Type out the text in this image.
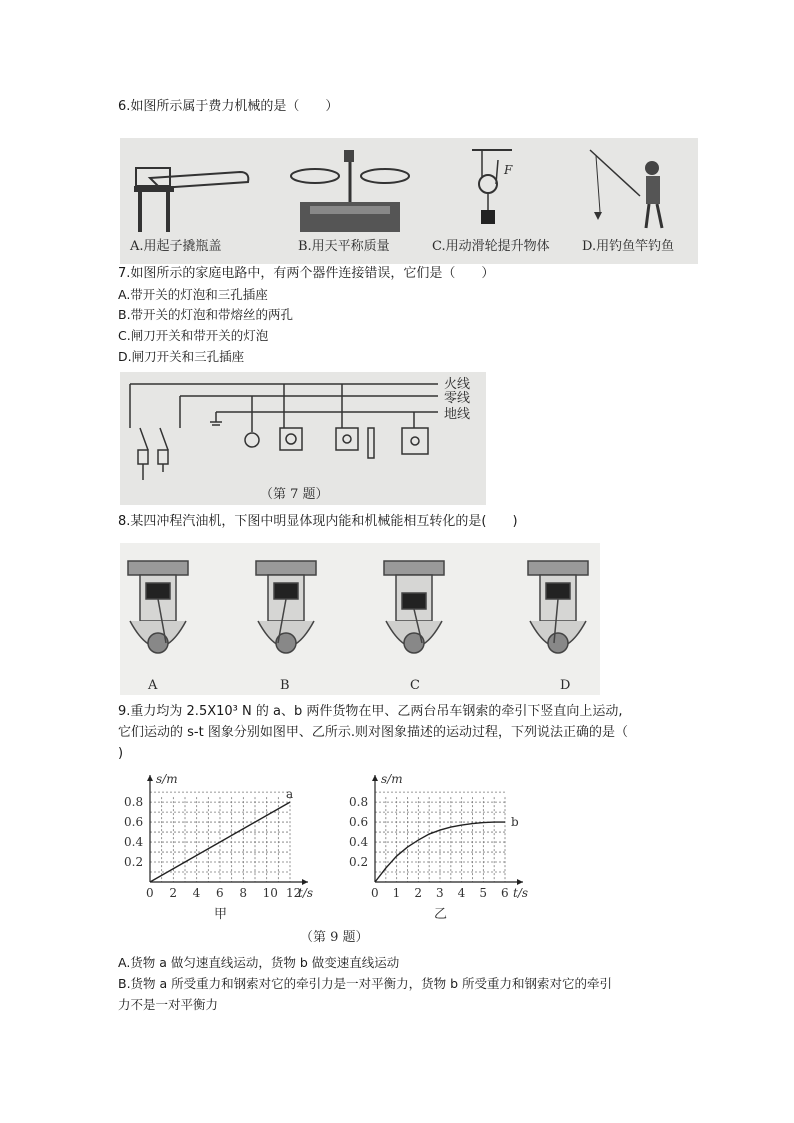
6.如图所示属于费力机械的是（　　）
F
A.用起子撬瓶盖	B.用天平称质量	C.用动滑轮提升物体 D.用钓鱼竿钓鱼
7.如图所示的家庭电路中，有两个器件连接错误，它们是（　　）
A.带开关的灯泡和三孔插座
B.带开关的灯泡和带熔丝的两孔
C.闸刀开关和带开关的灯泡
D.闸刀开关和三孔插座
火线
零线
地线
（第 7 题）
8.某四冲程汽油机，下图中明显体现内能和机械能相互转化的是(　　)
A	B	C	D
9.重力均为 2.5X10³ N 的 a、b 两件货物在甲、乙两台吊车钢索的牵引下竖直向上运动,
它们运动的 s-t 图象分别如图甲、乙所示.则对图象描述的运动过程，下列说法正确的是（
)
（第 9 题）
0 2 4 6 8 10 12
0.2
0.4
0.6
0.8
s/m
t/s
甲
a
0 1 2 3 4 5 6
0.2
0.4
0.6
0.8
s/m
t/s
乙
b
A.货物 a 做匀速直线运动，货物 b 做变速直线运动
B.货物 a 所受重力和钢索对它的牵引力是一对平衡力，货物 b 所受重力和钢索对它的牵引
力不是一对平衡力
